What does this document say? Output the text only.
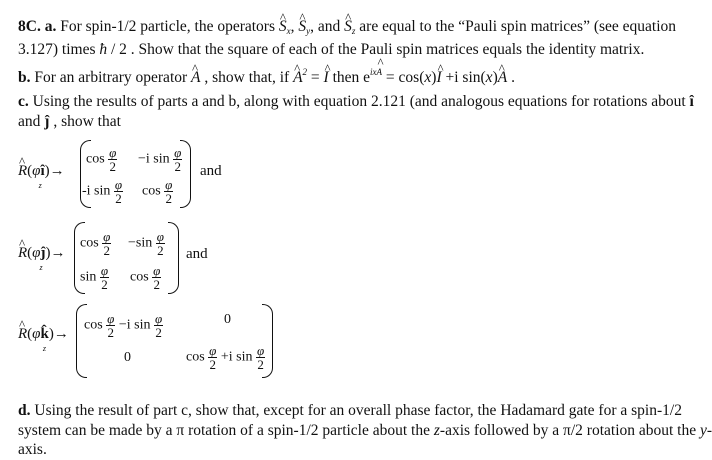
8C. a. For spin-1/2 particle, the operators ^ $S_x$, ^ $S_y$, and ^ $S_z$ are equal to the “Pauli spin matrices” (see equation
3.127) times ħ / 2 . Show that the square of each of the Pauli spin matrices equals the identity matrix.
b. For an arbitrary operator ^ A , show that, if ^ $A^2$ = ^ I then $e^{ix\^{} A}$ = cos(x)^ I +i sin(x)^ A .
c. Using the results of parts a and b, along with equation 2.121 (and analogous equations for rotations about î
and ĵ , show that
^ R(φî)→
z
$\cos \frac{\varphi}{2} -i$ $\sin \frac{\varphi}{2}$
-i $\sin \frac{\varphi}{2}$ $\cos \frac{\varphi}{2}$
and
^ R(φĵ)→
z
$\cos \frac{\varphi}{2} -\sin \frac{\varphi}{2}$
$\sin \frac{\varphi}{2}$ $\cos \frac{\varphi}{2}$
and
^ R(φk̂)→
z
$\cos \frac{\varphi}{2} -i$ $\sin \frac{\varphi}{2}$	0
0	$\cos \frac{\varphi}{2} +i$ $\sin \frac{\varphi}{2}$
d. Using the result of part c, show that, except for an overall phase factor, the Hadamard gate for a spin-1/2
system can be made by a π rotation of a spin-1/2 particle about the z-axis followed by a π/2 rotation about the y-
axis.
